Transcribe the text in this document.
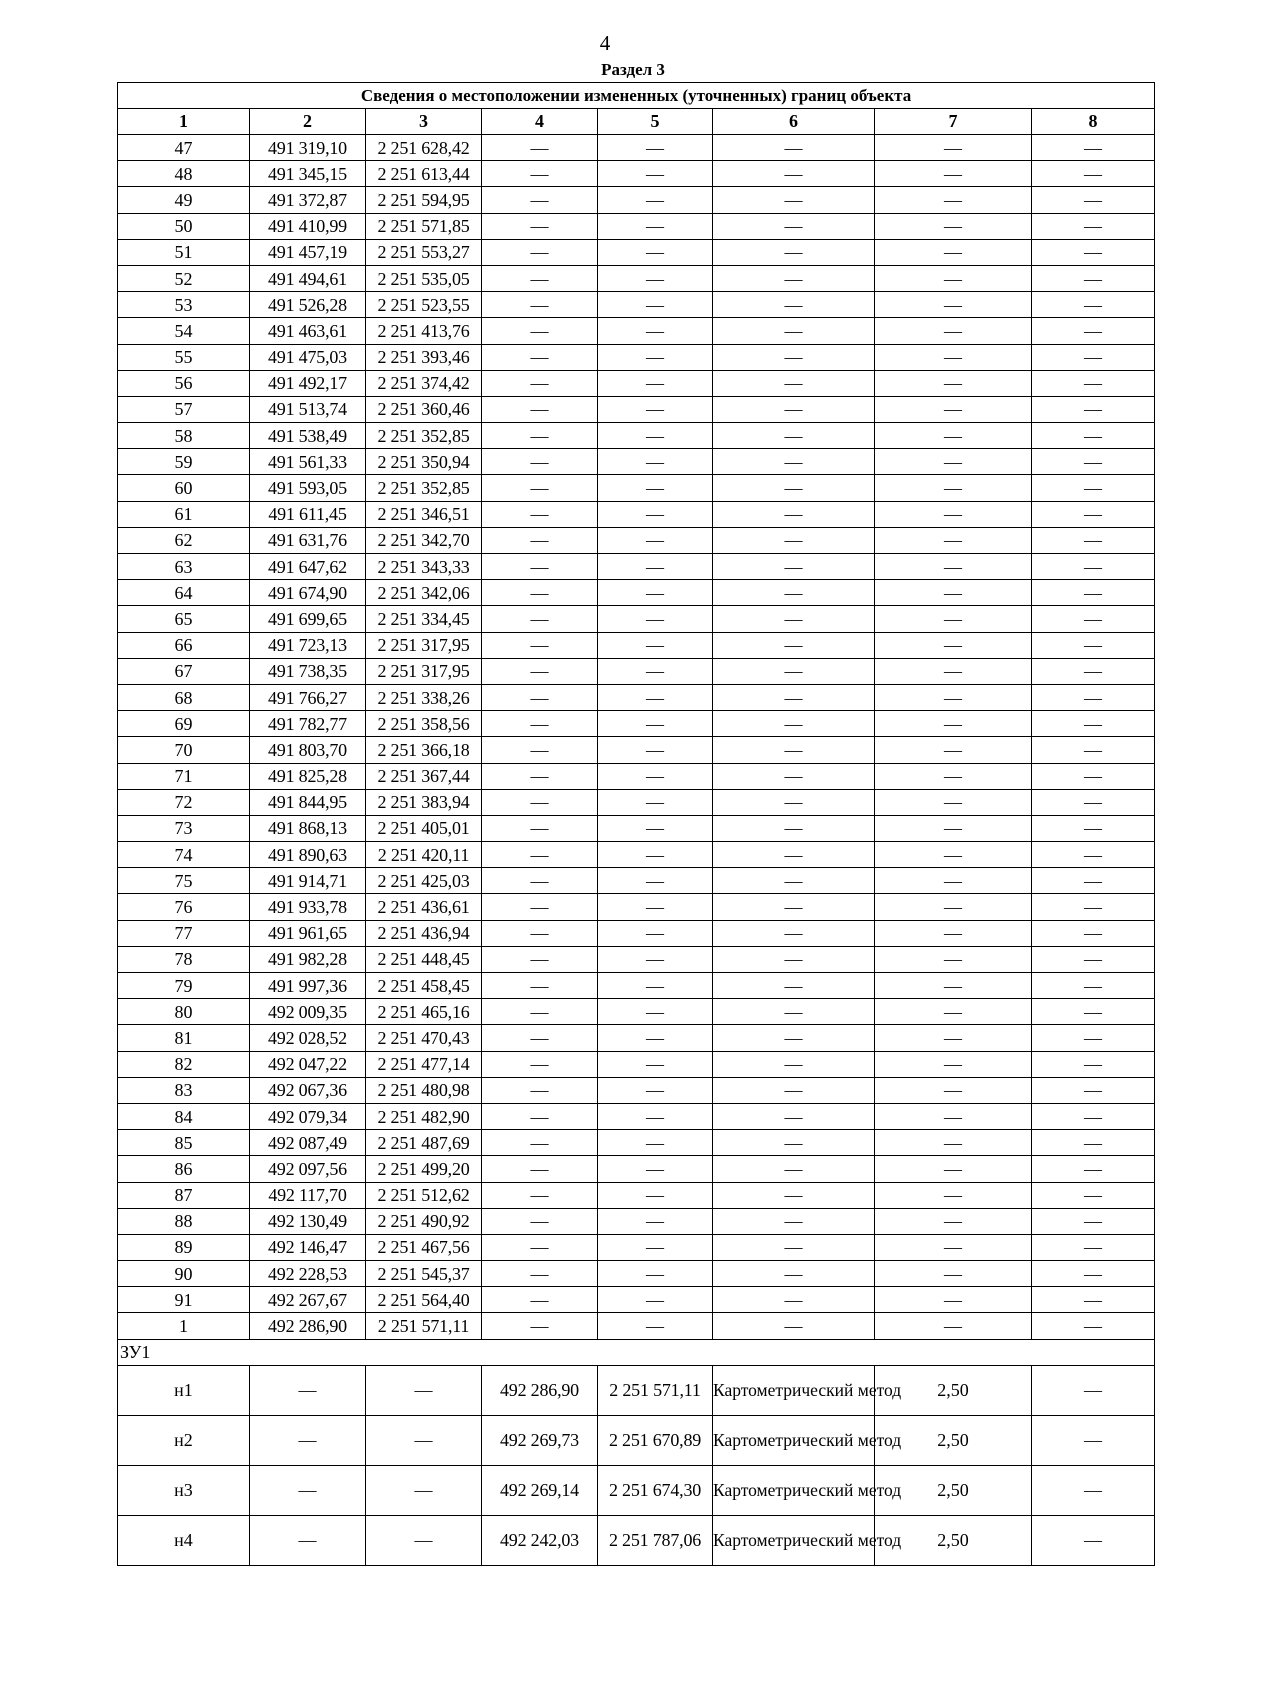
4
Раздел 3
Сведения о местоположении измененных (уточненных) границ объекта							
1	2	3	4	5	6	7	8
47	491 319,10	2 251 628,42	—	—	—	—	—
48	491 345,15	2 251 613,44	—	—	—	—	—
49	491 372,87	2 251 594,95	—	—	—	—	—
50	491 410,99	2 251 571,85	—	—	—	—	—
51	491 457,19	2 251 553,27	—	—	—	—	—
52	491 494,61	2 251 535,05	—	—	—	—	—
53	491 526,28	2 251 523,55	—	—	—	—	—
54	491 463,61	2 251 413,76	—	—	—	—	—
55	491 475,03	2 251 393,46	—	—	—	—	—
56	491 492,17	2 251 374,42	—	—	—	—	—
57	491 513,74	2 251 360,46	—	—	—	—	—
58	491 538,49	2 251 352,85	—	—	—	—	—
59	491 561,33	2 251 350,94	—	—	—	—	—
60	491 593,05	2 251 352,85	—	—	—	—	—
61	491 611,45	2 251 346,51	—	—	—	—	—
62	491 631,76	2 251 342,70	—	—	—	—	—
63	491 647,62	2 251 343,33	—	—	—	—	—
64	491 674,90	2 251 342,06	—	—	—	—	—
65	491 699,65	2 251 334,45	—	—	—	—	—
66	491 723,13	2 251 317,95	—	—	—	—	—
67	491 738,35	2 251 317,95	—	—	—	—	—
68	491 766,27	2 251 338,26	—	—	—	—	—
69	491 782,77	2 251 358,56	—	—	—	—	—
70	491 803,70	2 251 366,18	—	—	—	—	—
71	491 825,28	2 251 367,44	—	—	—	—	—
72	491 844,95	2 251 383,94	—	—	—	—	—
73	491 868,13	2 251 405,01	—	—	—	—	—
74	491 890,63	2 251 420,11	—	—	—	—	—
75	491 914,71	2 251 425,03	—	—	—	—	—
76	491 933,78	2 251 436,61	—	—	—	—	—
77	491 961,65	2 251 436,94	—	—	—	—	—
78	491 982,28	2 251 448,45	—	—	—	—	—
79	491 997,36	2 251 458,45	—	—	—	—	—
80	492 009,35	2 251 465,16	—	—	—	—	—
81	492 028,52	2 251 470,43	—	—	—	—	—
82	492 047,22	2 251 477,14	—	—	—	—	—
83	492 067,36	2 251 480,98	—	—	—	—	—
84	492 079,34	2 251 482,90	—	—	—	—	—
85	492 087,49	2 251 487,69	—	—	—	—	—
86	492 097,56	2 251 499,20	—	—	—	—	—
87	492 117,70	2 251 512,62	—	—	—	—	—
88	492 130,49	2 251 490,92	—	—	—	—	—
89	492 146,47	2 251 467,56	—	—	—	—	—
90	492 228,53	2 251 545,37	—	—	—	—	—
91	492 267,67	2 251 564,40	—	—	—	—	—
1	492 286,90	2 251 571,11	—	—	—	—	—
ЗУ1							
н1	—	—	492 286,90	2 251 571,11	Картометрический метод	2,50	—
н2	—	—	492 269,73	2 251 670,89	Картометрический метод	2,50	—
н3	—	—	492 269,14	2 251 674,30	Картометрический метод	2,50	—
н4	—	—	492 242,03	2 251 787,06	Картометрический метод	2,50	—
